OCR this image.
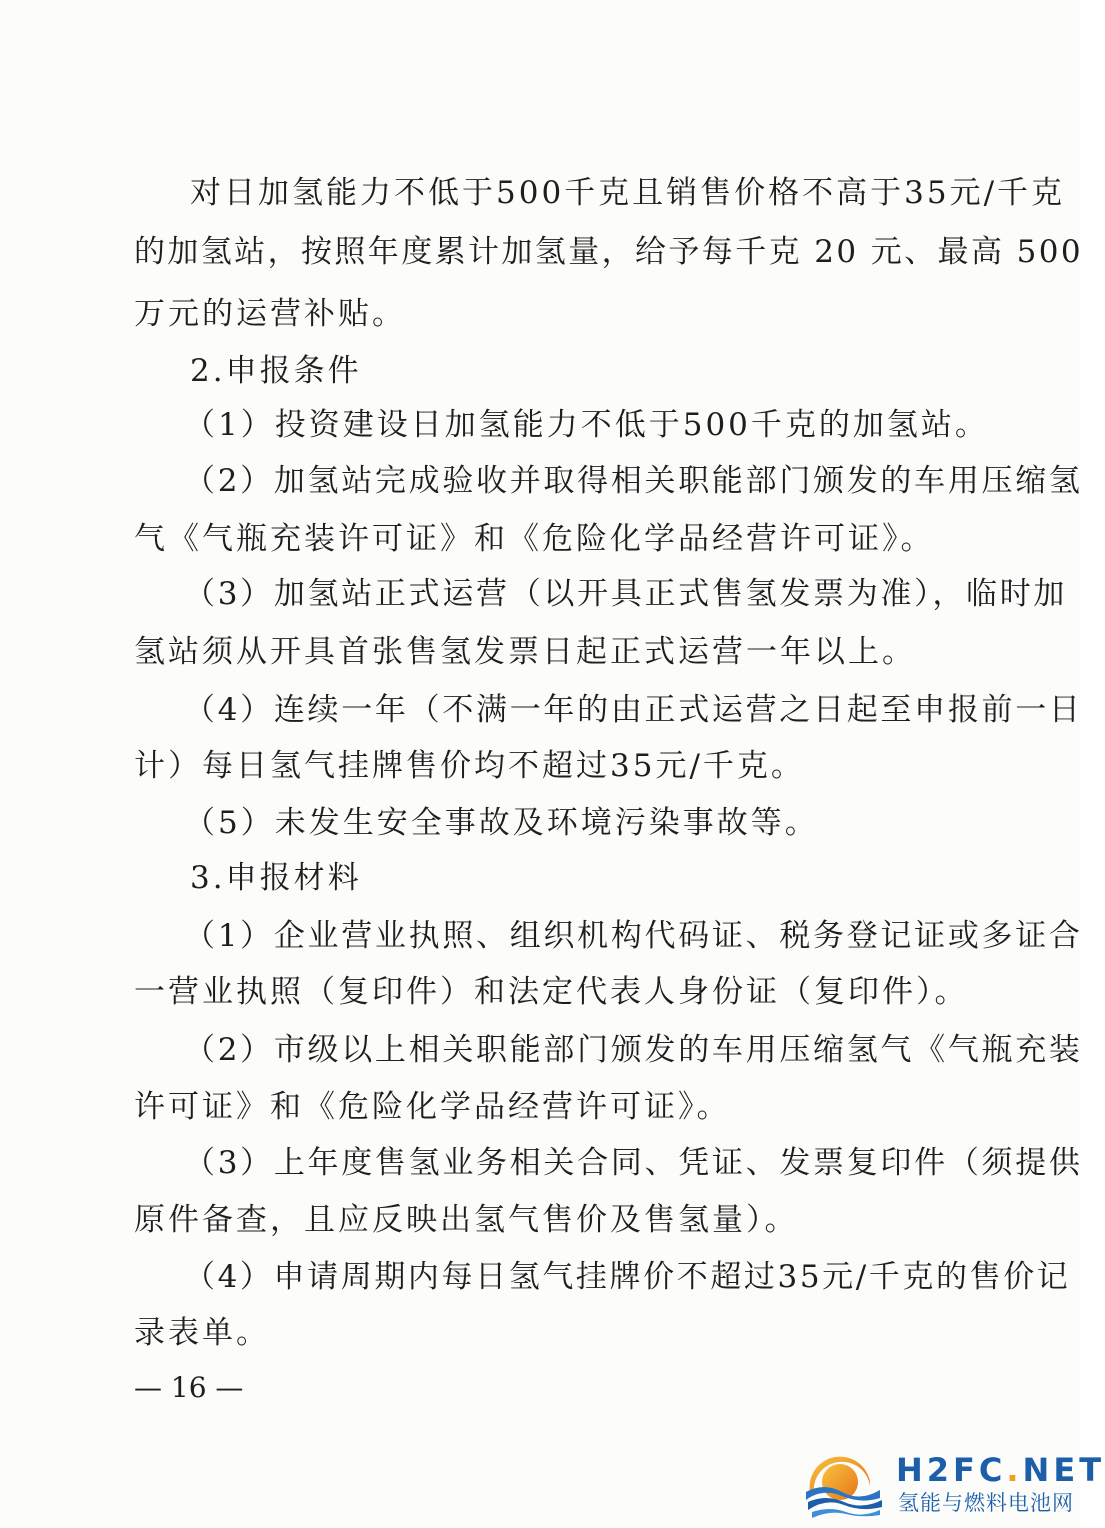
对日加氢能力不低于500千克且销售价格不高于35元/千克
的加氢站，按照年度累计加氢量，给予每千克 20 元、最高 500
万元的运营补贴。
2.申报条件
（1）投资建设日加氢能力不低于500千克的加氢站。
（2）加氢站完成验收并取得相关职能部门颁发的车用压缩氢
气《气瓶充装许可证》和《危险化学品经营许可证》。
（3）加氢站正式运营（以开具正式售氢发票为准），临时加
氢站须从开具首张售氢发票日起正式运营一年以上。
（4）连续一年（不满一年的由正式运营之日起至申报前一日
计）每日氢气挂牌售价均不超过35元/千克。
（5）未发生安全事故及环境污染事故等。
3.申报材料
（1）企业营业执照、组织机构代码证、税务登记证或多证合
一营业执照（复印件）和法定代表人身份证（复印件）。
（2）市级以上相关职能部门颁发的车用压缩氢气《气瓶充装
许可证》和《危险化学品经营许可证》。
（3）上年度售氢业务相关合同、凭证、发票复印件（须提供
原件备查，且应反映出氢气售价及售氢量）。
（4）申请周期内每日氢气挂牌价不超过35元/千克的售价记
录表单。
— 16 —
H2FC.NET
氢能与燃料电池网
